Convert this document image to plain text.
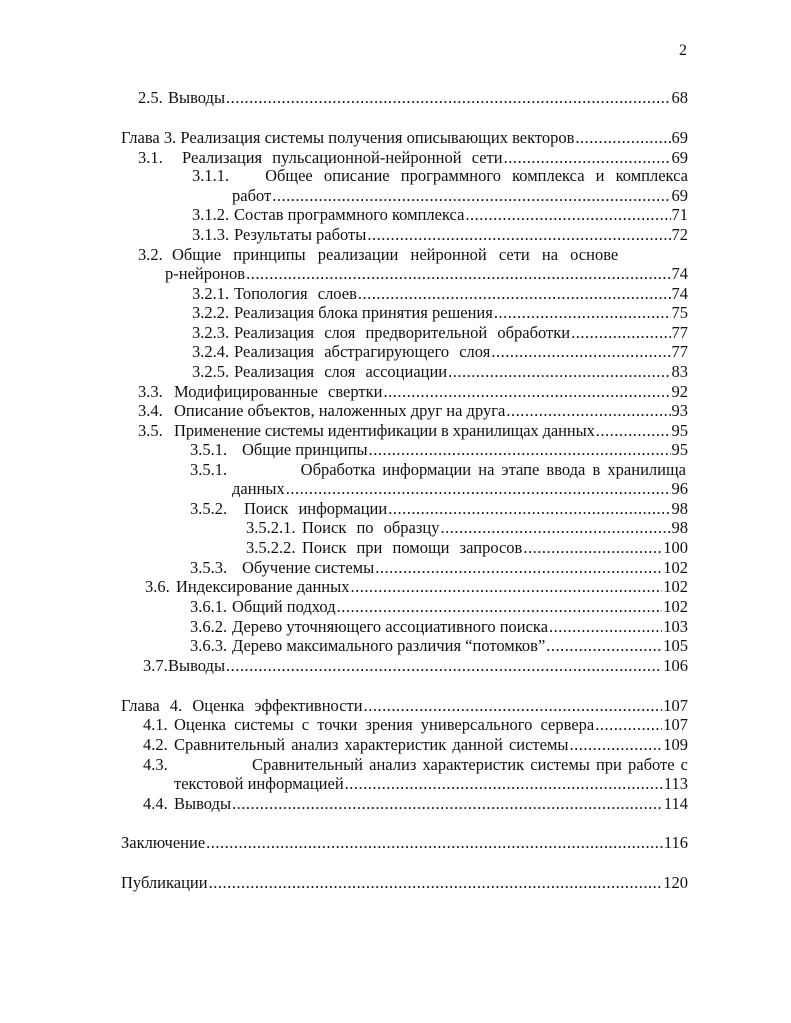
2
2.5. Выводы .....	68
Глава 3. Реализация системы получения описывающих векторов .....	69
3.1.	Реализация пульсационной-нейронной сети .....	69
3.1.1.	Общее описание программного комплекса и комплекса
работ .....	69
3.1.2. Состав программного комплекса .....	71
3.1.3. Результаты работы .....	72
3.2. Общие принципы реализации нейронной сети на основе
р-нейронов .....	74
3.2.1. Топология слоев .....	74
3.2.2. Реализация блока принятия решения .....	75
3.2.3. Реализация слоя предворительной обработки .....	77
3.2.4. Реализация абстрагирующего слоя .....	77
3.2.5. Реализация слоя ассоциации .....	83
3.3. Модифицированные свертки .....	92
3.4. Описание объектов, наложенных друг на друга .....	93
3.5. Применение системы идентификации в хранилищах данных .....	95
3.5.1. Общие принципы .....	95
3.5.1.	Обработка информации на этапе ввода в хранилища
данных .....	96
3.5.2.	Поиск информации .....	98
3.5.2.1. Поиск по образцу .....	98
3.5.2.2. Поиск при помощи запросов .....	100
3.5.3. Обучение системы .....	102
3.6. Индексирование данных .....	102
3.6.1. Общий подход .....	102
3.6.2. Дерево уточняющего ассоциативного поиска .....	103
3.6.3. Дерево максимального различия “потомков” .....	105
3.7. Выводы .....	106
Глава 4. Оценка эффективности .....	107
4.1. Оценка системы с точки зрения универсального сервера .....	107
4.2. Сравнительный анализ характеристик данной системы .....	109
4.3.	Сравнительный анализ характеристик системы при работе с
текстовой информацией .....	113
4.4. Выводы .....	114
Заключение .....	116
Публикации .....	120
